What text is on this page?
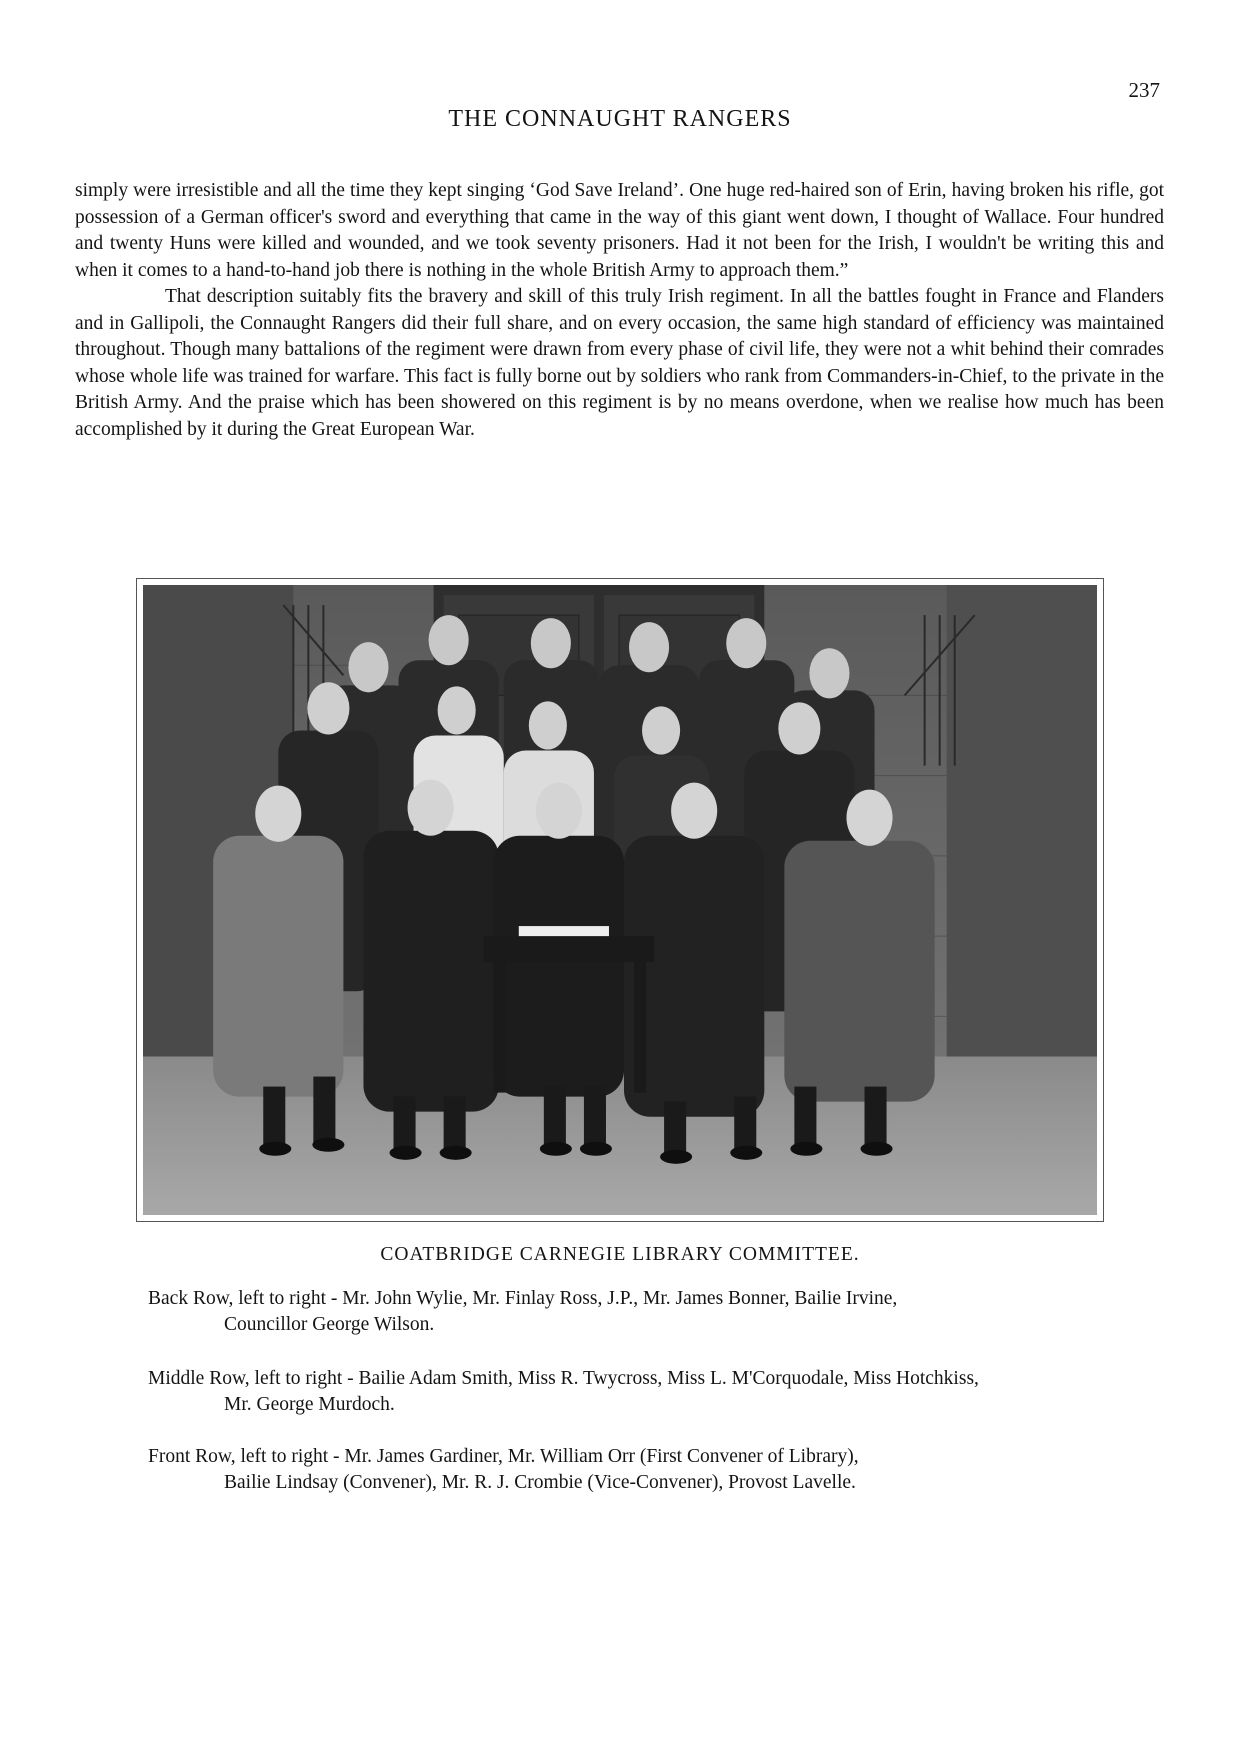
237
THE CONNAUGHT RANGERS

simply were irresistible and all the time they kept singing ‘God Save Ireland’. One huge red-haired son of Erin, having broken his rifle, got possession of a German officer's sword and everything that came in the way of this giant went down, I thought of Wallace. Four hundred and twenty Huns were killed and wounded, and we took seventy prisoners. Had it not been for the Irish, I wouldn't be writing this and when it comes to a hand-to-hand job there is nothing in the whole British Army to approach them.”

That description suitably fits the bravery and skill of this truly Irish regiment. In all the battles fought in France and Flanders and in Gallipoli, the Connaught Rangers did their full share, and on every occasion, the same high standard of efficiency was maintained throughout. Though many battalions of the regiment were drawn from every phase of civil life, they were not a whit behind their comrades whose whole life was trained for warfare. This fact is fully borne out by soldiers who rank from Commanders-in-Chief, to the private in the British Army. And the praise which has been showered on this regiment is by no means overdone, when we realise how much has been accomplished by it during the Great European War.

COATBRIDGE CARNEGIE LIBRARY COMMITTEE.
Back Row, left to right - Mr. John Wylie, Mr. Finlay Ross, J.P., Mr. James Bonner, Bailie Irvine,
Councillor George Wilson.
Middle Row, left to right - Bailie Adam Smith, Miss R. Twycross, Miss L. M'Corquodale, Miss Hotchkiss,
Mr. George Murdoch.
Front Row, left to right - Mr. James Gardiner, Mr. William Orr (First Convener of Library),
Bailie Lindsay (Convener), Mr. R. J. Crombie (Vice-Convener), Provost Lavelle.
